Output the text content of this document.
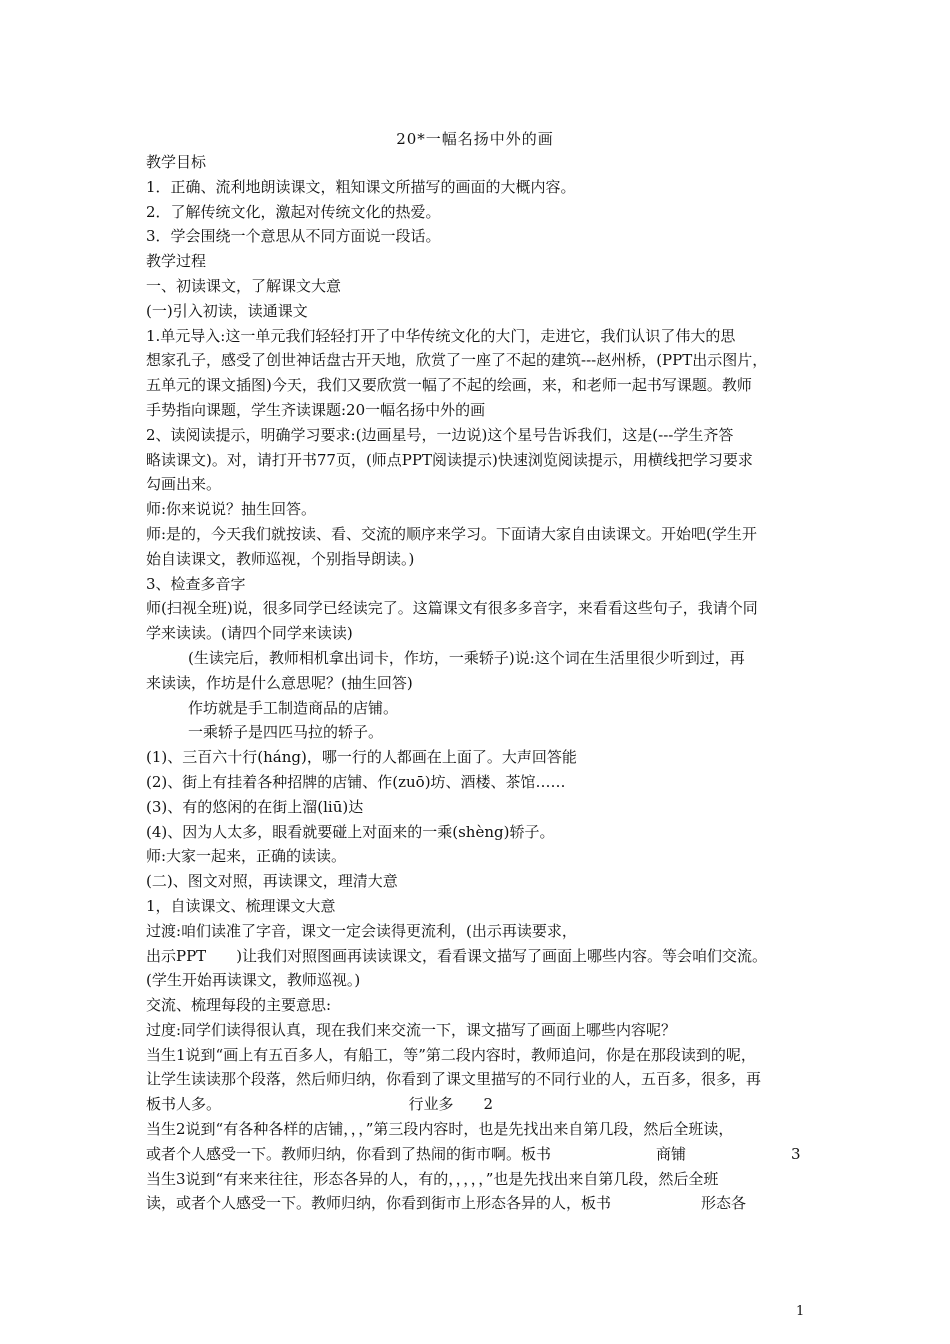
20*一幅名扬中外的画
教学目标
1．正确、流利地朗读课文，粗知课文所描写的画面的大概内容。
2．了解传统文化，激起对传统文化的热爱。
3．学会围绕一个意思从不同方面说一段话。
教学过程
一、初读课文，了解课文大意
(一)引入初读，读通课文
1.单元导入:这一单元我们轻轻打开了中华传统文化的大门，走进它，我们认识了伟大的思
想家孔子，感受了创世神话盘古开天地，欣赏了一座了不起的建筑---赵州桥，(PPT出示图片，
五单元的课文插图)今天，我们又要欣赏一幅了不起的绘画，来，和老师一起书写课题。教师
手势指向课题，学生齐读课题:20一幅名扬中外的画
2、读阅读提示，明确学习要求:(边画星号，一边说)这个星号告诉我们，这是(---学生齐答
略读课文)。对，请打开书77页，(师点PPT阅读提示)快速浏览阅读提示，用横线把学习要求
勾画出来。
师:你来说说？抽生回答。
师:是的，今天我们就按读、看、交流的顺序来学习。下面请大家自由读课文。开始吧(学生开
始自读课文，教师巡视，个别指导朗读。)
3、检查多音字
师(扫视全班)说，很多同学已经读完了。这篇课文有很多多音字，来看看这些句子，我请个同
学来读读。(请四个同学来读读)
(生读完后，教师相机拿出词卡，作坊，一乘轿子)说:这个词在生活里很少听到过，再
来读读，作坊是什么意思呢？(抽生回答)
作坊就是手工制造商品的店铺。
一乘轿子是四匹马拉的轿子。
(1)、三百六十行(háng)，哪一行的人都画在上面了。大声回答能
(2)、街上有挂着各种招牌的店铺、作(zuō)坊、酒楼、茶馆……
(3)、有的悠闲的在街上溜(liū)达
(4)、因为人太多，眼看就要碰上对面来的一乘(shèng)轿子。
师:大家一起来，正确的读读。
(二)、图文对照，再读课文，理清大意
1，自读课文、梳理课文大意
过渡:咱们读准了字音，课文一定会读得更流利，(出示再读要求，
出示PPT　　)让我们对照图画再读读课文，看看课文描写了画面上哪些内容。等会咱们交流。
(学生开始再读课文，教师巡视。)
交流、梳理每段的主要意思:
过度:同学们读得很认真，现在我们来交流一下，课文描写了画面上哪些内容呢？
当生1说到“画上有五百多人，有船工，等”第二段内容时，教师追问，你是在那段读到的呢，
让学生读读那个段落，然后师归纳，你看到了课文里描写的不同行业的人，五百多，很多，再
板书人多。　　　　　　　　　　　　　行业多　　2
当生2说到“有各种各样的店铺，，，”第三段内容时，也是先找出来自第几段，然后全班读，
或者个人感受一下。教师归纳，你看到了热闹的街市啊。板书　　　　　　　商铺　　　　　　　3
当生3说到“有来来往往，形态各异的人，有的，，，，，”也是先找出来自第几段，然后全班
读，或者个人感受一下。教师归纳，你看到街市上形态各异的人，板书　　　　　　形态各
1
